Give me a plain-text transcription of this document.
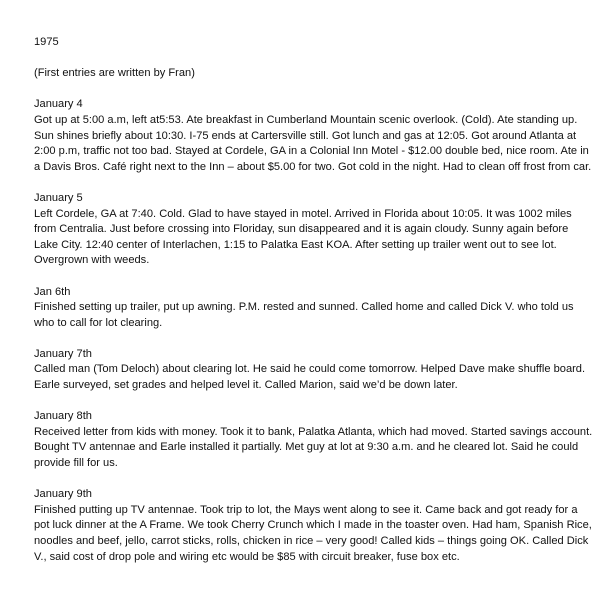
1975

(First entries are written by Fran)

January 4
Got up at 5:00 a.m, left at5:53. Ate breakfast in Cumberland Mountain scenic overlook. (Cold). Ate standing up. Sun shines briefly about 10:30. I-75 ends at Cartersville still. Got lunch and gas at 12:05. Got around Atlanta at 2:00 p.m, traffic not too bad. Stayed at Cordele, GA in a Colonial Inn Motel - $12.00 double bed, nice room. Ate in a Davis Bros. Café right next to the Inn – about $5.00 for two. Got cold in the night. Had to clean off frost from car.
January 5
Left Cordele, GA at 7:40. Cold. Glad to have stayed in motel. Arrived in Florida about 10:05. It was 1002 miles from Centralia. Just before crossing into Floriday, sun disappeared and it is again cloudy. Sunny again before Lake City. 12:40 center of Interlachen, 1:15 to Palatka East KOA. After setting up trailer went out to see lot. Overgrown with weeds.
Jan 6th
Finished setting up trailer, put up awning. P.M. rested and sunned. Called home and called Dick V. who told us who to call for lot clearing.
January 7th
Called man (Tom Deloch) about clearing lot. He said he could come tomorrow. Helped Dave make shuffle board. Earle surveyed, set grades and helped level it. Called Marion, said we’d be down later.
January 8th
Received letter from kids with money. Took it to bank, Palatka Atlanta, which had moved. Started savings account. Bought TV antennae and Earle installed it partially. Met guy at lot at 9:30 a.m. and he cleared lot. Said he could provide fill for us.
January 9th
Finished putting up TV antennae. Took trip to lot, the Mays went along to see it. Came back and got ready for a pot luck dinner at the A Frame. We took Cherry Crunch which I made in the toaster oven. Had ham, Spanish Rice, noodles and beef, jello, carrot sticks, rolls, chicken in rice – very good! Called kids – things going OK. Called Dick V., said cost of drop pole and wiring etc would be $85 with circuit breaker, fuse box etc.
